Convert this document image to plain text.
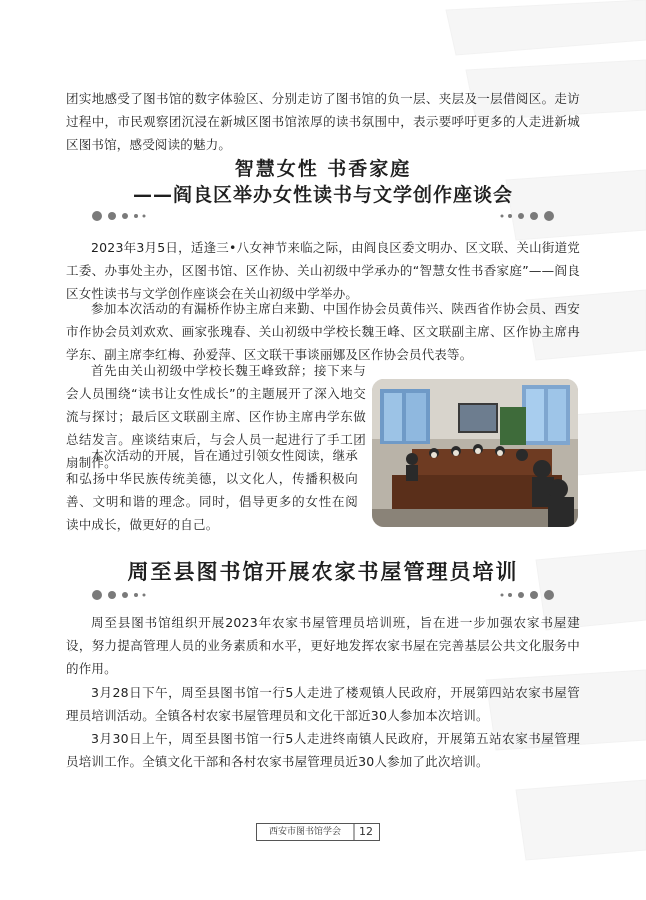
团实地感受了图书馆的数字体验区、分别走访了图书馆的负一层、夹层及一层借阅区。走访过程中，市民观察团沉浸在新城区图书馆浓厚的读书氛围中，表示要呼吁更多的人走进新城区图书馆，感受阅读的魅力。
智慧女性 书香家庭
——阎良区举办女性读书与文学创作座谈会
2023年3月5日，适逢三•八女神节来临之际，由阎良区委文明办、区文联、关山街道党工委、办事处主办，区图书馆、区作协、关山初级中学承办的“智慧女性书香家庭”——阎良区女性读书与文学创作座谈会在关山初级中学举办。
参加本次活动的有漏桥作协主席白来勤、中国作协会员黄伟兴、陕西省作协会员、西安市作协会员刘欢欢、画家张瑰春、关山初级中学校长魏王峰、区文联副主席、区作协主席冉学东、副主席李红梅、孙爱萍、区文联干事谈丽娜及区作协会员代表等。
首先由关山初级中学校长魏王峰致辞；接下来与会人员围绕“读书让女性成长”的主题展开了深入地交流与探讨；最后区文联副主席、区作协主席冉学东做总结发言。座谈结束后，与会人员一起进行了手工团扇制作。
本次活动的开展，旨在通过引领女性阅读，继承和弘扬中华民族传统美德，以文化人，传播积极向善、文明和谐的理念。同时，倡导更多的女性在阅读中成长，做更好的自己。
周至县图书馆开展农家书屋管理员培训
周至县图书馆组织开展2023年农家书屋管理员培训班，旨在进一步加强农家书屋建设，努力提高管理人员的业务素质和水平，更好地发挥农家书屋在完善基层公共文化服务中的作用。
3月28日下午，周至县图书馆一行5人走进了楼观镇人民政府，开展第四站农家书屋管理员培训活动。全镇各村农家书屋管理员和文化干部近30人参加本次培训。
3月30日上午，周至县图书馆一行5人走进终南镇人民政府，开展第五站农家书屋管理员培训工作。全镇文化干部和各村农家书屋管理员近30人参加了此次培训。
西安市图书馆学会	12
